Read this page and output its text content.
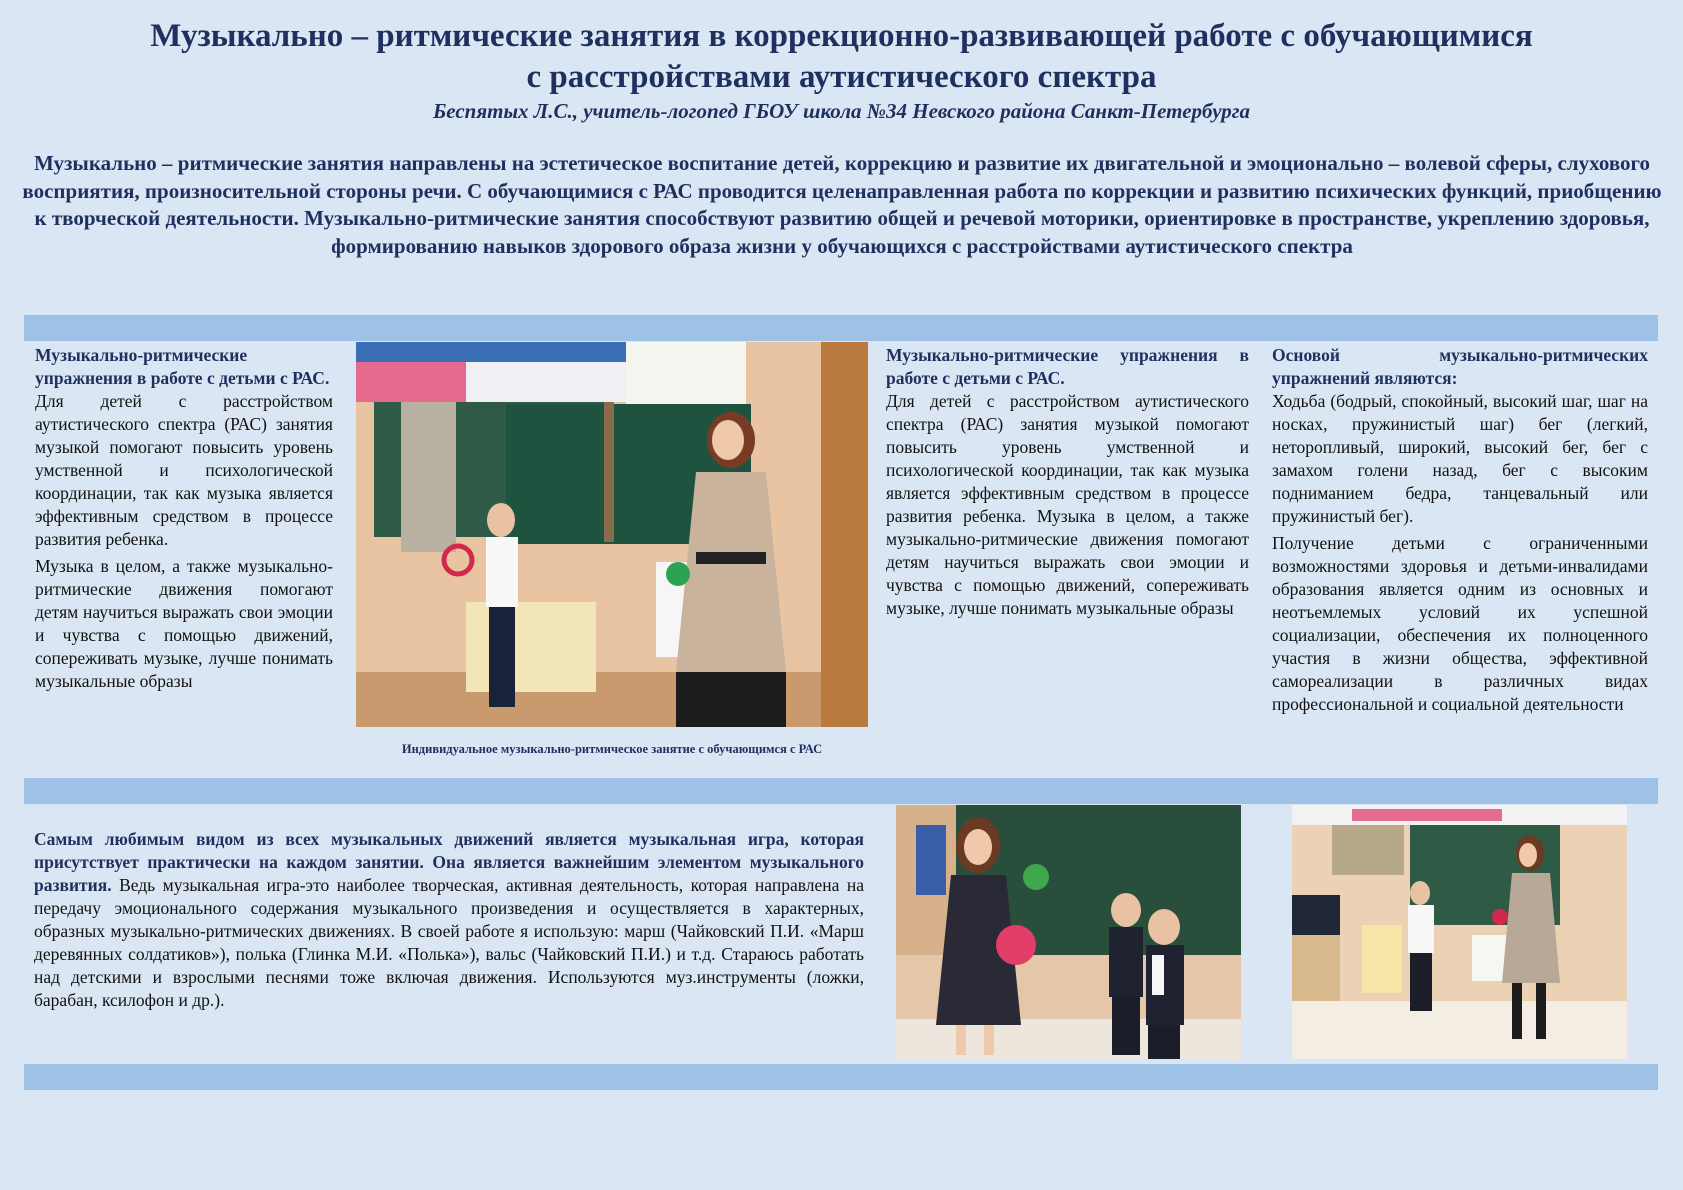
Музыкально – ритмические занятия в коррекционно-развивающей работе с обучающимися
с расстройствами аутистического спектра
Беспятых Л.С., учитель-логопед ГБОУ школа №34 Невского района Санкт-Петербурга
Музыкально – ритмические занятия направлены на эстетическое воспитание детей, коррекцию и развитие их двигательной и эмоционально – волевой сферы, слухового восприятия, произносительной стороны речи. С обучающимися с РАС проводится целенаправленная работа по коррекции и развитию психических функций, приобщению к творческой деятельности. Музыкально-ритмические занятия способствуют развитию общей и речевой моторики, ориентировке в пространстве, укреплению здоровья, формированию навыков здорового образа жизни у обучающихся с расстройствами аутистического спектра

Музыкально-ритмические упражнения в работе с детьми с РАС.

Для детей с расстройством аутистического спектра (РАС) занятия музыкой помогают повысить уровень умственной и психологической координации, так как музыка является эффективным средством в процессе развития ребенка.

Музыка в целом, а также музыкально-ритмические движения помогают детям научиться выражать свои эмоции и чувства с помощью движений, сопереживать музыке, лучше понимать музыкальные образы

Индивидуальное музыкально-ритмическое занятие с обучающимся с РАС

Музыкально-ритмические упражнения в работе с детьми с РАС.

Для детей с расстройством аутистического спектра (РАС) занятия музыкой помогают повысить уровень умственной и психологической координации, так как музыка является эффективным средством в процессе развития ребенка. Музыка в целом, а также музыкально-ритмические движения помогают детям научиться выражать свои эмоции и чувства с помощью движений, сопереживать музыке, лучше понимать музыкальные образы

Основой музыкально-ритмических упражнений являются:

Ходьба (бодрый, спокойный, высокий шаг, шаг на носках, пружинистый шаг) бег (легкий, неторопливый, широкий, высокий бег, бег с замахом голени назад, бег с высоким подниманием бедра, танцевальный или пружинистый бег).

Получение детьми с ограниченными возможностями здоровья и детьми-инвалидами образования является одним из основных и неотъемлемых условий их успешной социализации, обеспечения их полноценного участия в жизни общества, эффективной самореализации в различных видах профессиональной и социальной деятельности

Самым любимым видом из всех музыкальных движений является музыкальная игра, которая присутствует практически на каждом занятии. Она является важнейшим элементом музыкального развития. Ведь музыкальная игра-это наиболее творческая, активная деятельность, которая направлена на передачу эмоционального содержания музыкального произведения и осуществляется в характерных, образных музыкально-ритмических движениях. В своей работе я использую: марш (Чайковский П.И. «Марш деревянных солдатиков»), полька (Глинка М.И. «Полька»), вальс (Чайковский П.И.) и т.д. Стараюсь работать над детскими и взрослыми песнями тоже включая движения. Используются муз.инструменты (ложки, барабан, ксилофон и др.).
